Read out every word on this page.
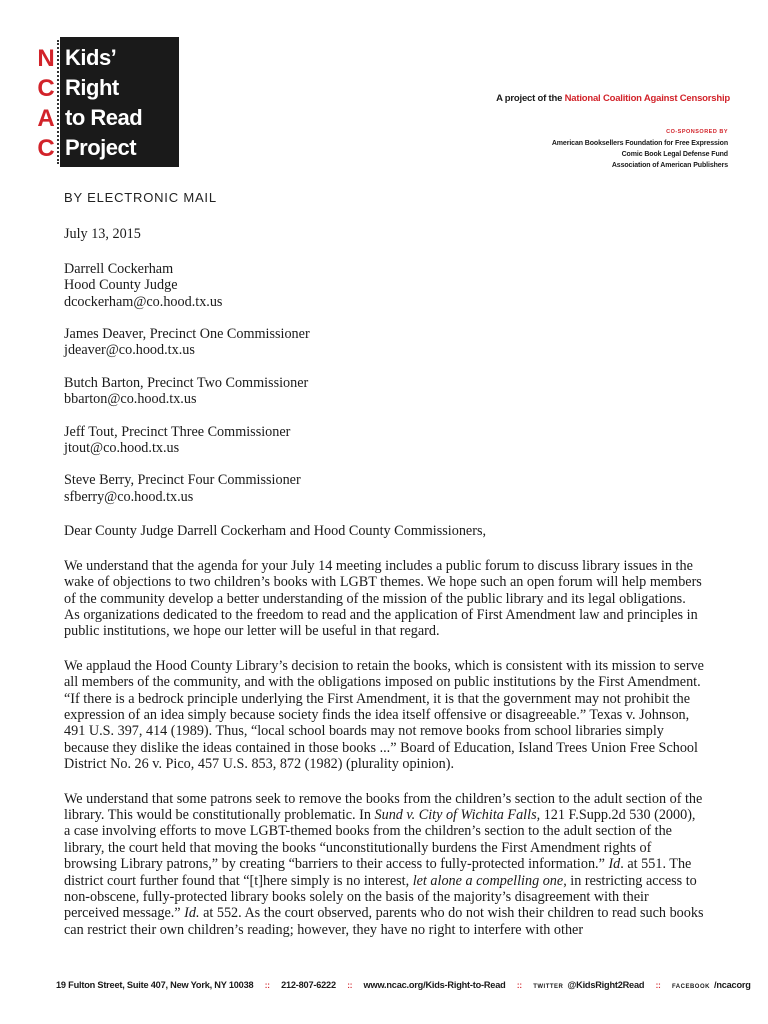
N
C
A
C
Kids’
Right
to Read
Project
A project of the National Coalition Against Censorship
CO-SPONSORED BY
American Booksellers Foundation for Free Expression
Comic Book Legal Defense Fund
Association of American Publishers
BY ELECTRONIC MAIL

July 13, 2015

Darrell Cockerham
Hood County Judge
dcockerham@co.hood.tx.us
James Deaver, Precinct One Commissioner
jdeaver@co.hood.tx.us
Butch Barton, Precinct Two Commissioner
bbarton@co.hood.tx.us
Jeff Tout, Precinct Three Commissioner
jtout@co.hood.tx.us
Steve Berry, Precinct Four Commissioner
sfberry@co.hood.tx.us

Dear County Judge Darrell Cockerham and Hood County Commissioners,

We understand that the agenda for your July 14 meeting includes a public forum to discuss library issues in the wake of objections to two children’s books with LGBT themes. We hope such an open forum will help members of the community develop a better understanding of the mission of the public library and its legal obligations. As organizations dedicated to the freedom to read and the application of First Amendment law and principles in public institutions, we hope our letter will be useful in that regard.

We applaud the Hood County Library’s decision to retain the books, which is consistent with its mission to serve all members of the community, and with the obligations imposed on public institutions by the First Amendment. “If there is a bedrock principle underlying the First Amendment, it is that the government may not prohibit the expression of an idea simply because society finds the idea itself offensive or disagreeable.” Texas v. Johnson, 491 U.S. 397, 414 (1989). Thus, “local school boards may not remove books from school libraries simply because they dislike the ideas contained in those books ...” Board of Education, Island Trees Union Free School District No. 26 v. Pico, 457 U.S. 853, 872 (1982) (plurality opinion).

We understand that some patrons seek to remove the books from the children’s section to the adult section of the library. This would be constitutionally problematic. In Sund v. City of Wichita Falls, 121 F.Supp.2d 530 (2000), a case involving efforts to move LGBT-themed books from the children’s section to the adult section of the library, the court held that moving the books “unconstitutionally burdens the First Amendment rights of browsing Library patrons,” by creating “barriers to their access to fully-protected information.” Id. at 551. The district court further found that “[t]here simply is no interest, let alone a compelling one, in restricting access to non-obscene, fully-protected library books solely on the basis of the majority’s disagreement with their perceived message.” Id. at 552. As the court observed, parents who do not wish their children to read such books can restrict their own children’s reading; however, they have no right to interfere with other

19 Fulton Street, Suite 407, New York, NY 10038 :: 212-807-6222 :: www.ncac.org/Kids-Right-to-Read :: TWITTER @KidsRight2Read :: FACEBOOK /ncacorg
